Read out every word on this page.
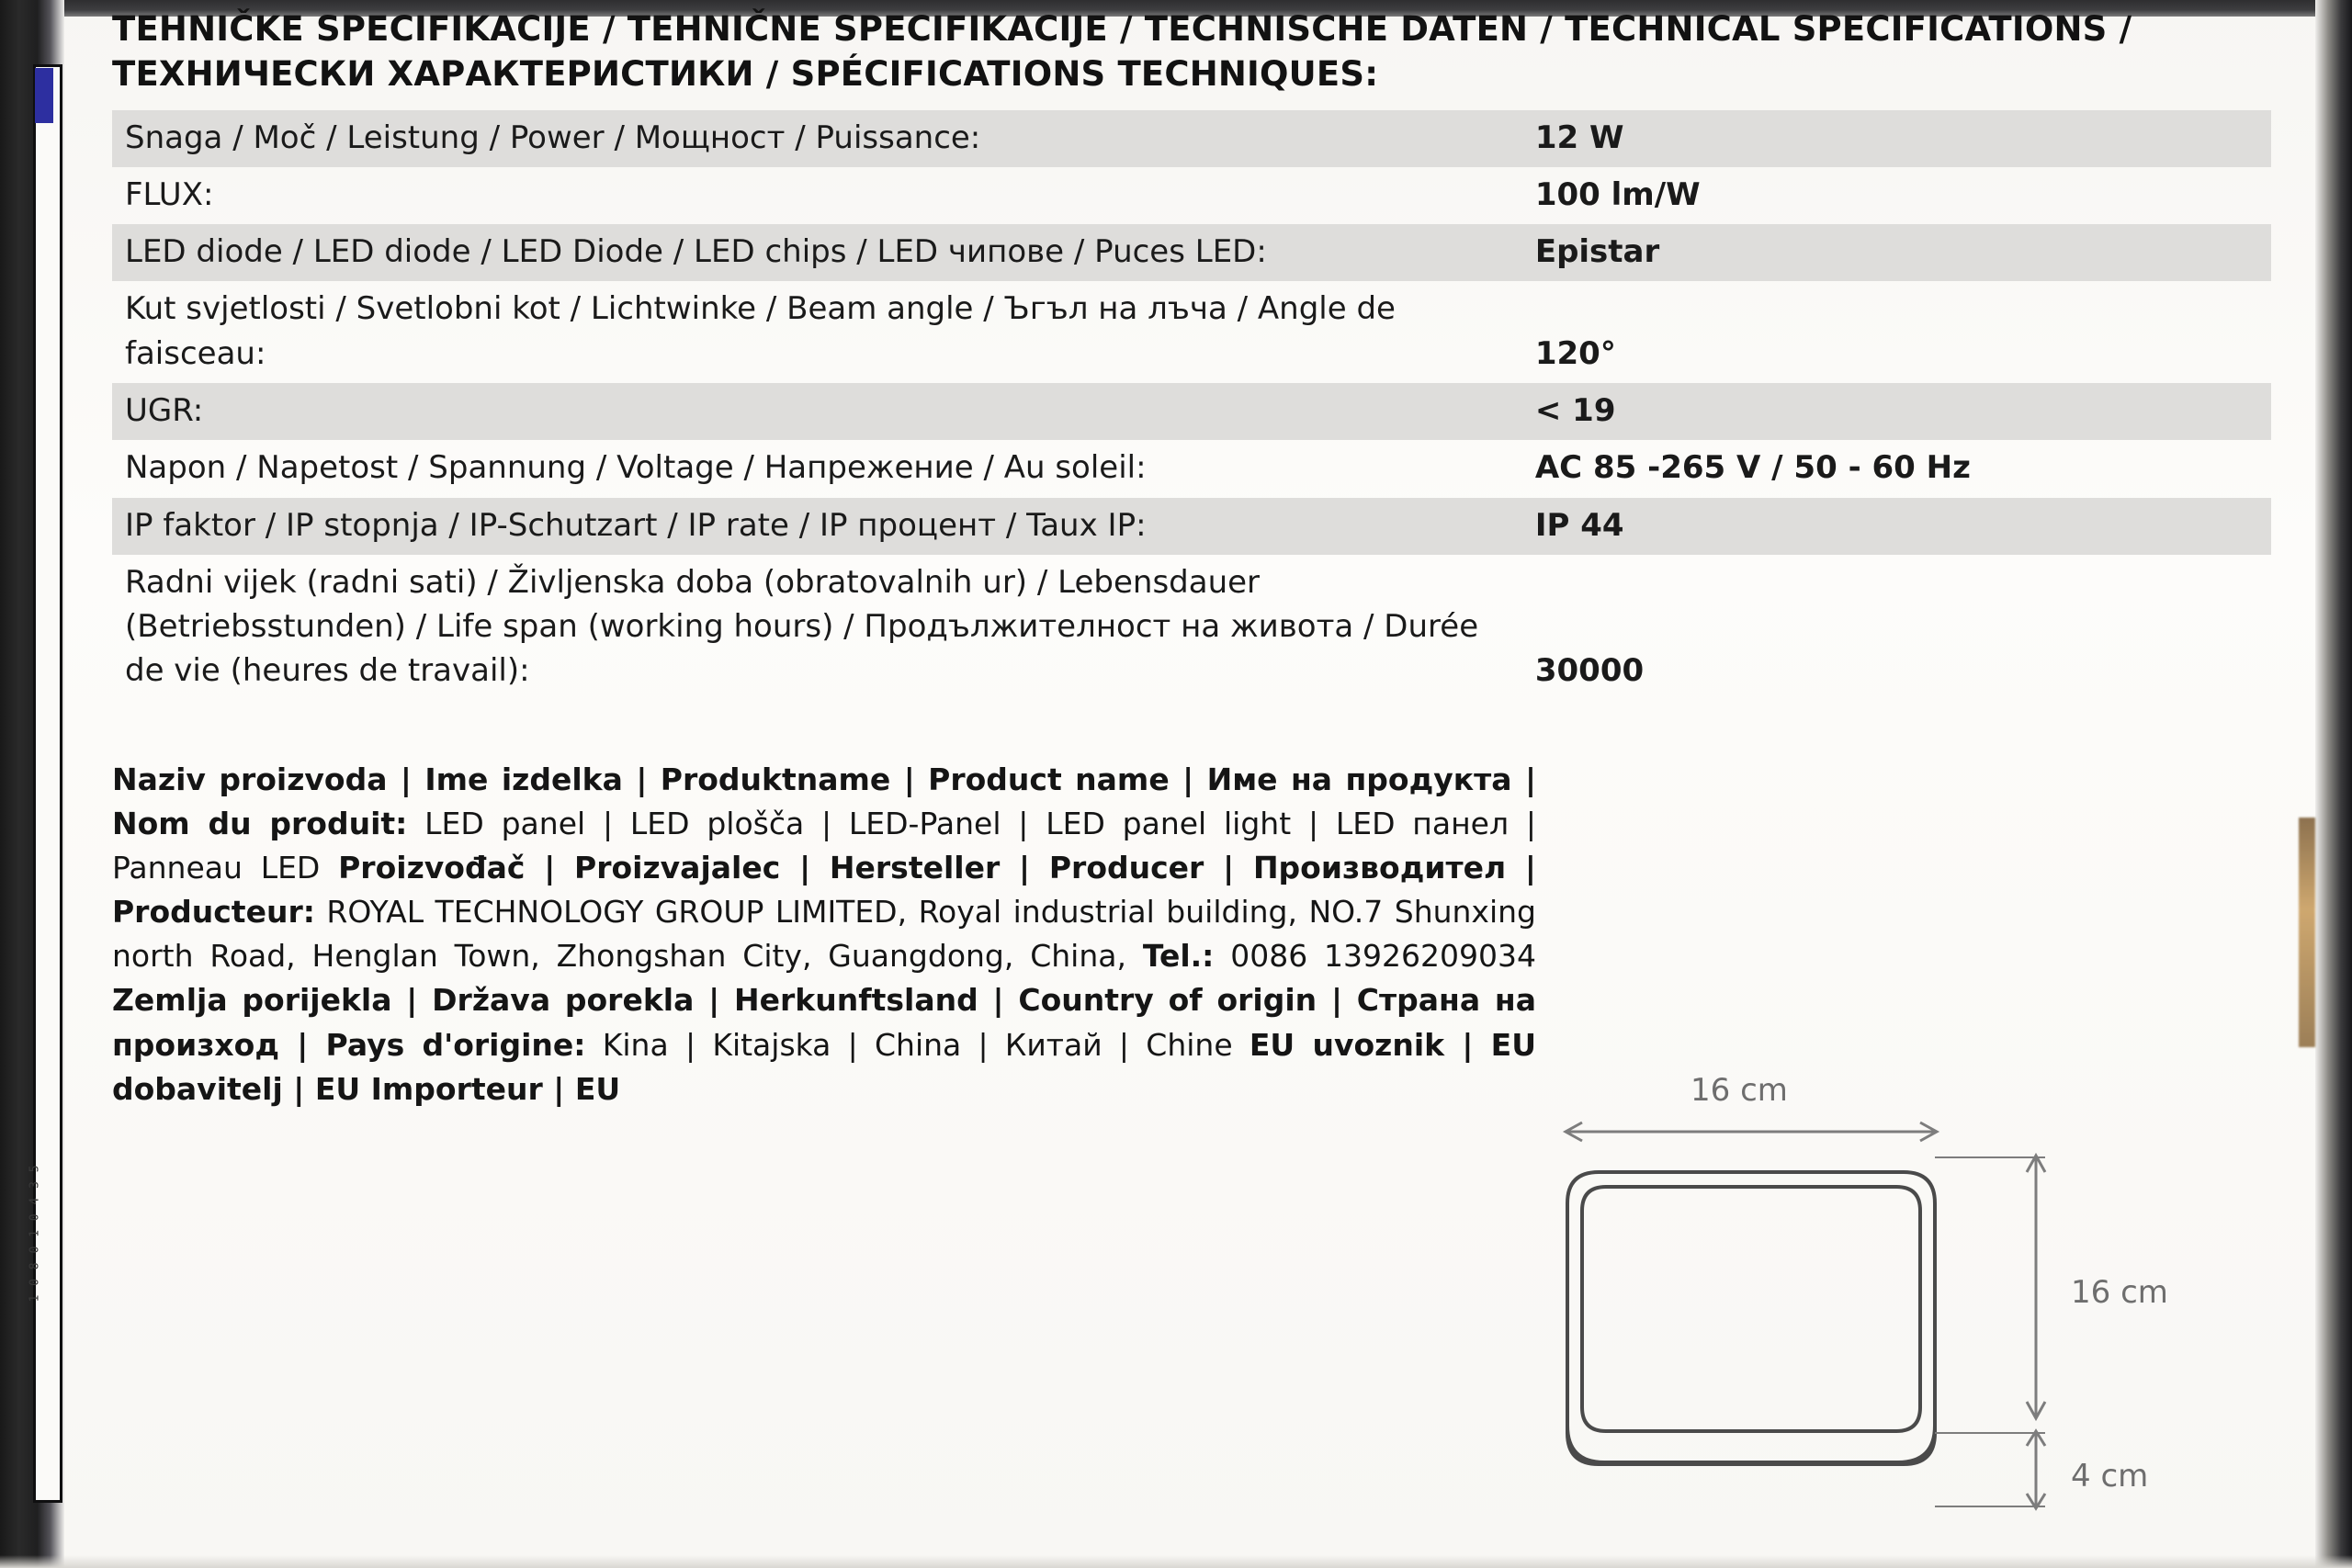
1 0 8 0 1 0 4 3 5
TEHNIČKE SPECIFIKACIJE / TEHNIČNE SPECIFIKACIJE / TECHNISCHE DATEN / TECHNICAL SPECIFICATIONS / ТЕХНИЧЕСКИ ХАРАКТЕРИСТИКИ / SPÉCIFICATIONS TECHNIQUES:
Snaga / Moč / Leistung / Power / Мощност / Puissance:	12 W
FLUX:	100 lm/W
LED diode / LED diode / LED Diode / LED chips / LED чипове / Puces LED:	Epistar
Kut svjetlosti / Svetlobni kot / Lichtwinke / Beam angle / Ъгъл на лъча / Angle de faisceau:	120°
UGR:	< 19
Napon / Napetost / Spannung / Voltage / Напрежение / Au soleil:	AC 85 -265 V / 50 - 60 Hz
IP faktor / IP stopnja / IP-Schutzart / IP rate / IP процент / Taux IP:	IP 44
Radni vijek (radni sati) / Življenska doba (obratovalnih ur) / Lebensdauer (Betriebsstunden) / Life span (working hours) / Продължителност на живота / Durée de vie (heures de travail):	30000
Naziv proizvoda | Ime izdelka | Produktname | Product name | Име на продукта | Nom du produit: LED panel | LED plošča | LED-Panel | LED panel light | LED панел | Panneau LED Proizvođač | Proizvajalec | Hersteller | Producer | Производител | Producteur: ROYAL TECHNOLOGY GROUP LIMITED, Royal industrial building, NO.7 Shunxing north Road, Henglan Town, Zhongshan City, Guangdong, China, Tel.: 0086 13926209034 Zemlja porijekla | Država porekla | Herkunftsland | Country of origin | Страна на произход | Pays d'origine: Kina | Kitajska | China | Китай | Chine EU uvoznik | EU dobavitelj | EU Importeur | EU	16 cm
16 cm
4 cm
